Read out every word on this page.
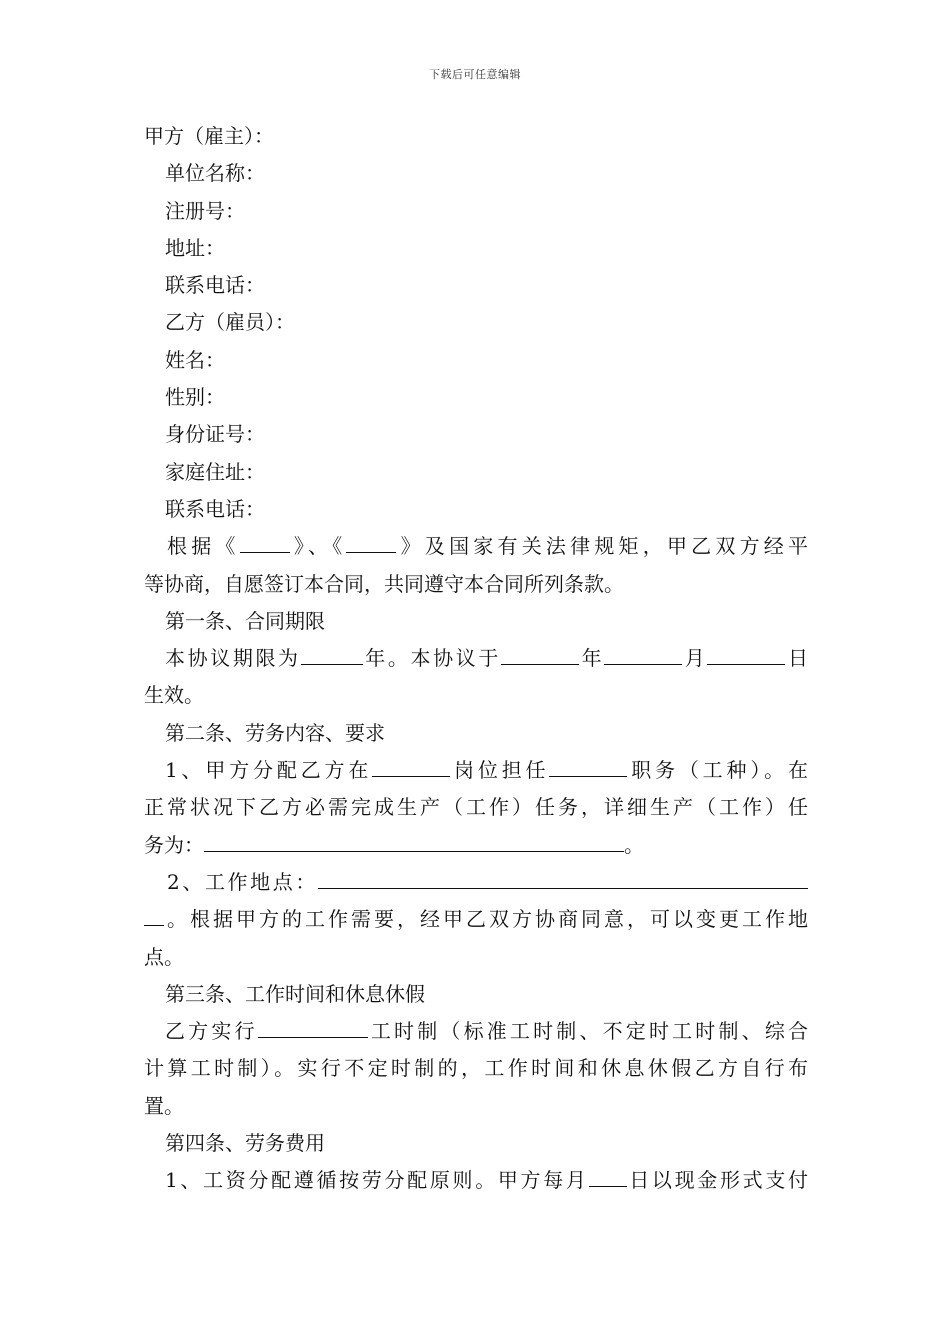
下载后可任意编辑
甲方（雇主）：
单位名称：
注册号：
地址：
联系电话：
乙方（雇员）：
姓名：
性别：
身份证号：
家庭住址：
联系电话：
根据《	》、《	》及国家有关法律规矩，甲乙双方经平
等协商，自愿签订本合同，共同遵守本合同所列条款。
第一条、合同期限
本协议期限为	年。本协议于	年	月	日
生效。
第二条、劳务内容、要求
1、甲方分配乙方在	岗位担任	职务（工种）。在
正常状况下乙方必需完成生产（工作）任务，详细生产（工作）任
务为：	。
2、工作地点：
。根据甲方的工作需要，经甲乙双方协商同意，可以变更工作地
点。
第三条、工作时间和休息休假
乙方实行	工时制（标准工时制、不定时工时制、综合
计算工时制）。实行不定时制的，工作时间和休息休假乙方自行布
置。
第四条、劳务费用
1、工资分配遵循按劳分配原则。甲方每月 日以现金形式支付
